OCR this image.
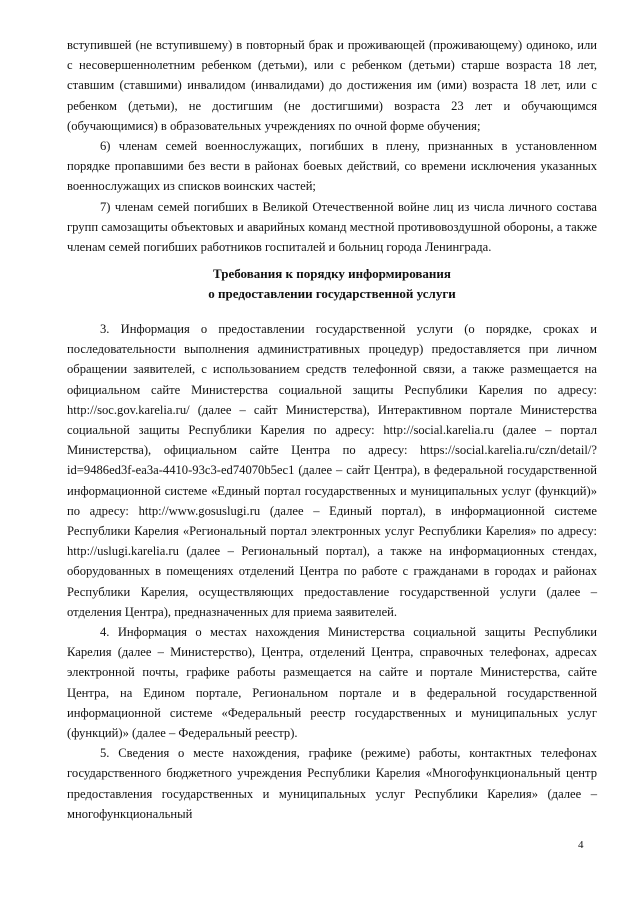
вступившей (не вступившему) в повторный брак и проживающей (проживающему) одиноко, или с несовершеннолетним ребенком (детьми), или с ребенком (детьми) старше возраста 18 лет, ставшим (ставшими) инвалидом (инвалидами) до достижения им (ими) возраста 18 лет, или с ребенком (детьми), не достигшим (не достигшими) возраста 23 лет и обучающимся (обучающимися) в образовательных учреждениях по очной форме обучения;

6) членам семей военнослужащих, погибших в плену, признанных в установленном порядке пропавшими без вести в районах боевых действий, со времени исключения указанных военнослужащих из списков воинских частей;

7) членам семей погибших в Великой Отечественной войне лиц из числа личного состава групп самозащиты объектовых и аварийных команд местной противовоздушной обороны, а также членам семей погибших работников госпиталей и больниц города Ленинграда.

Требования к порядку информирования
о предоставлении государственной услуги

3. Информация о предоставлении государственной услуги (о порядке, сроках и последовательности выполнения административных процедур) предоставляется при личном обращении заявителей, с использованием средств телефонной связи, а также размещается на официальном сайте Министерства социальной защиты Республики Карелия по адресу: http://soc.gov.karelia.ru/ (далее – сайт Министерства), Интерактивном портале Министерства социальной защиты Республики Карелия по адресу: http://social.karelia.ru (далее – портал Министерства), официальном сайте Центра по адресу: https://social.karelia.ru/czn/detail/?id=9486ed3f-ea3a-4410-93c3-ed74070b5ec1 (далее – сайт Центра), в федеральной государственной информационной системе «Единый портал государственных и муниципальных услуг (функций)» по адресу: http://www.gosuslugi.ru (далее – Единый портал), в информационной системе Республики Карелия «Региональный портал электронных услуг Республики Карелия» по адресу: http://uslugi.karelia.ru (далее – Региональный портал), а также на информационных стендах, оборудованных в помещениях отделений Центра по работе с гражданами в городах и районах Республики Карелия, осуществляющих предоставление государственной услуги (далее – отделения Центра), предназначенных для приема заявителей.

4. Информация о местах нахождения Министерства социальной защиты Республики Карелия (далее – Министерство), Центра, отделений Центра, справочных телефонах, адресах электронной почты, графике работы размещается на сайте и портале Министерства, сайте Центра, на Едином портале, Региональном портале и в федеральной государственной информационной системе «Федеральный реестр государственных и муниципальных услуг (функций)» (далее – Федеральный реестр).

5. Сведения о месте нахождения, графике (режиме) работы, контактных телефонах государственного бюджетного учреждения Республики Карелия «Многофункциональный центр предоставления государственных и муниципальных услуг Республики Карелия» (далее – многофункциональный

4
